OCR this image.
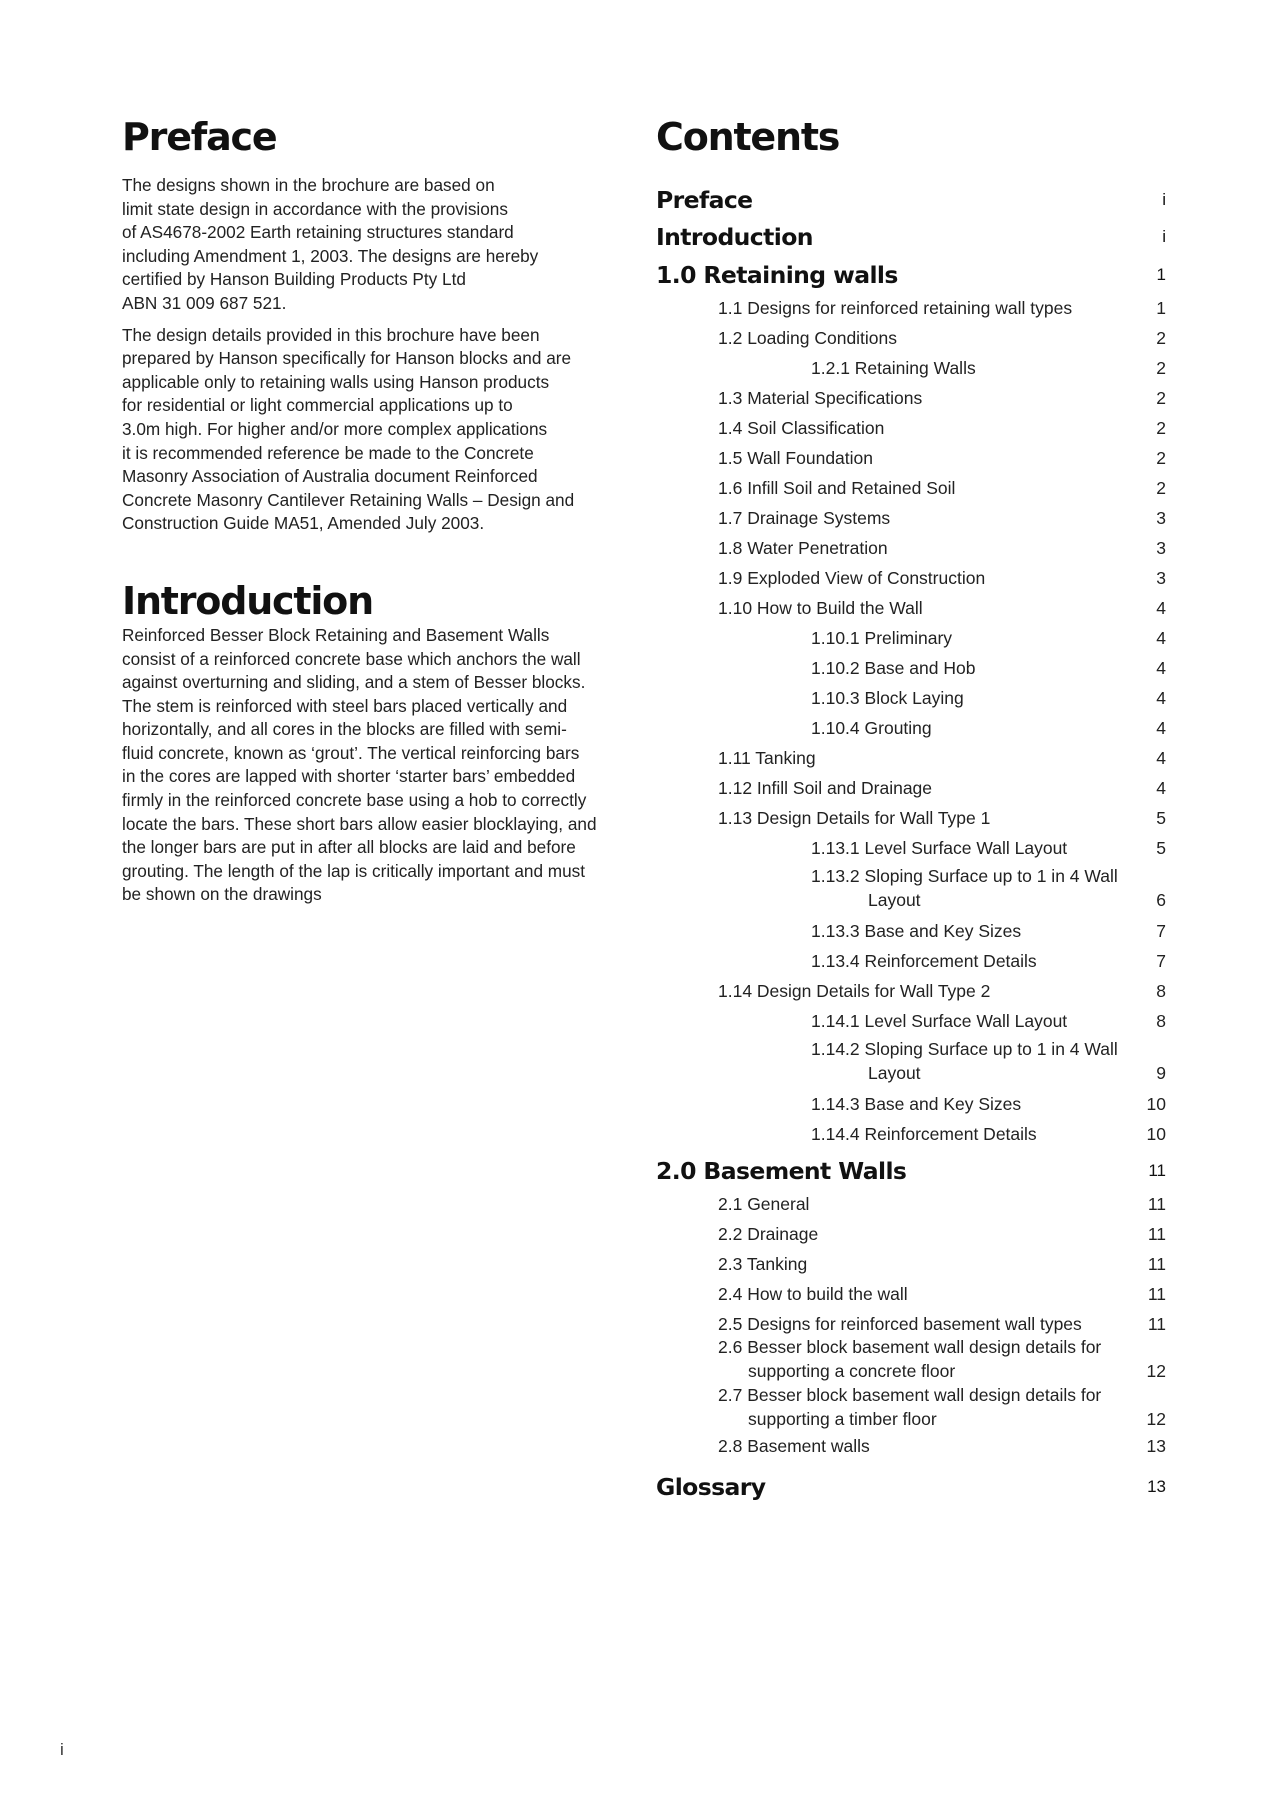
Preface

The designs shown in the brochure are based on
limit state design in accordance with the provisions
of AS4678-2002 Earth retaining structures standard
including Amendment 1, 2003. The designs are hereby
certified by Hanson Building Products Pty Ltd
ABN 31 009 687 521.

The design details provided in this brochure have been
prepared by Hanson specifically for Hanson blocks and are
applicable only to retaining walls using Hanson products
for residential or light commercial applications up to
3.0m high. For higher and/or more complex applications
it is recommended reference be made to the Concrete
Masonry Association of Australia document Reinforced
Concrete Masonry Cantilever Retaining Walls – Design and
Construction Guide MA51, Amended July 2003.

Introduction

Reinforced Besser Block Retaining and Basement Walls
consist of a reinforced concrete base which anchors the wall
against overturning and sliding, and a stem of Besser blocks.
The stem is reinforced with steel bars placed vertically and
horizontally, and all cores in the blocks are filled with semi-
fluid concrete, known as ‘grout’. The vertical reinforcing bars
in the cores are lapped with shorter ‘starter bars’ embedded
firmly in the reinforced concrete base using a hob to correctly
locate the bars. These short bars allow easier blocklaying, and
the longer bars are put in after all blocks are laid and before
grouting. The length of the lap is critically important and must
be shown on the drawings

Contents
Preface	i
Introduction	i
1.0 Retaining walls	1
1.1 Designs for reinforced retaining wall types	1
1.2 Loading Conditions	2
1.2.1 Retaining Walls	2
1.3 Material Specifications	2
1.4 Soil Classification	2
1.5 Wall Foundation	2
1.6 Infill Soil and Retained Soil	2
1.7 Drainage Systems	3
1.8 Water Penetration	3
1.9 Exploded View of Construction	3
1.10 How to Build the Wall	4
1.10.1 Preliminary	4
1.10.2 Base and Hob	4
1.10.3 Block Laying	4
1.10.4 Grouting	4
1.11 Tanking	4
1.12 Infill Soil and Drainage	4
1.13 Design Details for Wall Type 1	5
1.13.1 Level Surface Wall Layout	5
1.13.2 Sloping Surface up to 1 in 4 Wall
Layout	6
1.13.3 Base and Key Sizes	7
1.13.4 Reinforcement Details	7
1.14 Design Details for Wall Type 2	8
1.14.1 Level Surface Wall Layout	8
1.14.2 Sloping Surface up to 1 in 4 Wall
Layout	9
1.14.3 Base and Key Sizes	10
1.14.4 Reinforcement Details	10
2.0 Basement Walls	11
2.1 General	11
2.2 Drainage	11
2.3 Tanking	11
2.4 How to build the wall	11
2.5 Designs for reinforced basement wall types	11
2.6 Besser block basement wall design details for
supporting a concrete floor	12
2.7 Besser block basement wall design details for
supporting a timber floor	12
2.8 Basement walls	13
Glossary	13
i
